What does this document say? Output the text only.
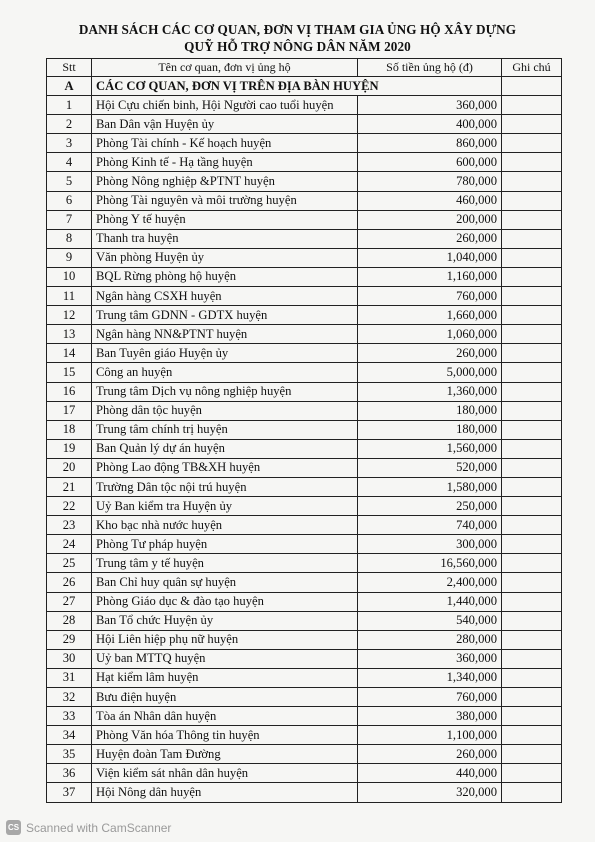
DANH SÁCH CÁC CƠ QUAN, ĐƠN VỊ THAM GIA ỦNG HỘ XÂY DỰNG
QUỸ HỖ TRỢ NÔNG DÂN NĂM 2020
Stt	Tên cơ quan, đơn vị ủng hộ	Số tiền ủng hộ (đ)	Ghi chú
A	CÁC CƠ QUAN, ĐƠN VỊ TRÊN ĐỊA BÀN HUYỆN		
1	Hội Cựu chiến binh, Hội Người cao tuổi huyện	360,000	
2	Ban Dân vận Huyện ủy	400,000	
3	Phòng Tài chính - Kế hoạch huyện	860,000	
4	Phòng Kinh tế - Hạ tầng huyện	600,000	
5	Phòng Nông nghiệp &PTNT huyện	780,000	
6	Phòng Tài nguyên và môi trường huyện	460,000	
7	Phòng Y tế huyện	200,000	
8	Thanh tra huyện	260,000	
9	Văn phòng Huyện ủy	1,040,000	
10	BQL Rừng phòng hộ huyện	1,160,000	
11	Ngân hàng CSXH huyện	760,000	
12	Trung tâm GDNN - GDTX huyện	1,660,000	
13	Ngân hàng NN&PTNT huyện	1,060,000	
14	Ban Tuyên giáo Huyện ủy	260,000	
15	Công an huyện	5,000,000	
16	Trung tâm Dịch vụ nông nghiệp huyện	1,360,000	
17	Phòng dân tộc huyện	180,000	
18	Trung tâm chính trị huyện	180,000	
19	Ban Quản lý dự án huyện	1,560,000	
20	Phòng Lao động TB&XH huyện	520,000	
21	Trường Dân tộc nội trú huyện	1,580,000	
22	Uỷ Ban kiểm tra Huyện ủy	250,000	
23	Kho bạc nhà nước huyện	740,000	
24	Phòng Tư pháp huyện	300,000	
25	Trung tâm y tế huyện	16,560,000	
26	Ban Chỉ huy quân sự huyện	2,400,000	
27	Phòng Giáo dục & đào tạo huyện	1,440,000	
28	Ban Tổ chức Huyện ủy	540,000	
29	Hội Liên hiệp phụ nữ huyện	280,000	
30	Uỷ ban MTTQ huyện	360,000	
31	Hạt kiểm lâm huyện	1,340,000	
32	Bưu điện huyện	760,000	
33	Tòa án Nhân dân huyện	380,000	
34	Phòng Văn hóa Thông tin huyện	1,100,000	
35	Huyện đoàn Tam Đường	260,000	
36	Viện kiểm sát nhân dân huyện	440,000	
37	Hội Nông dân huyện	320,000	
CS Scanned with CamScanner
